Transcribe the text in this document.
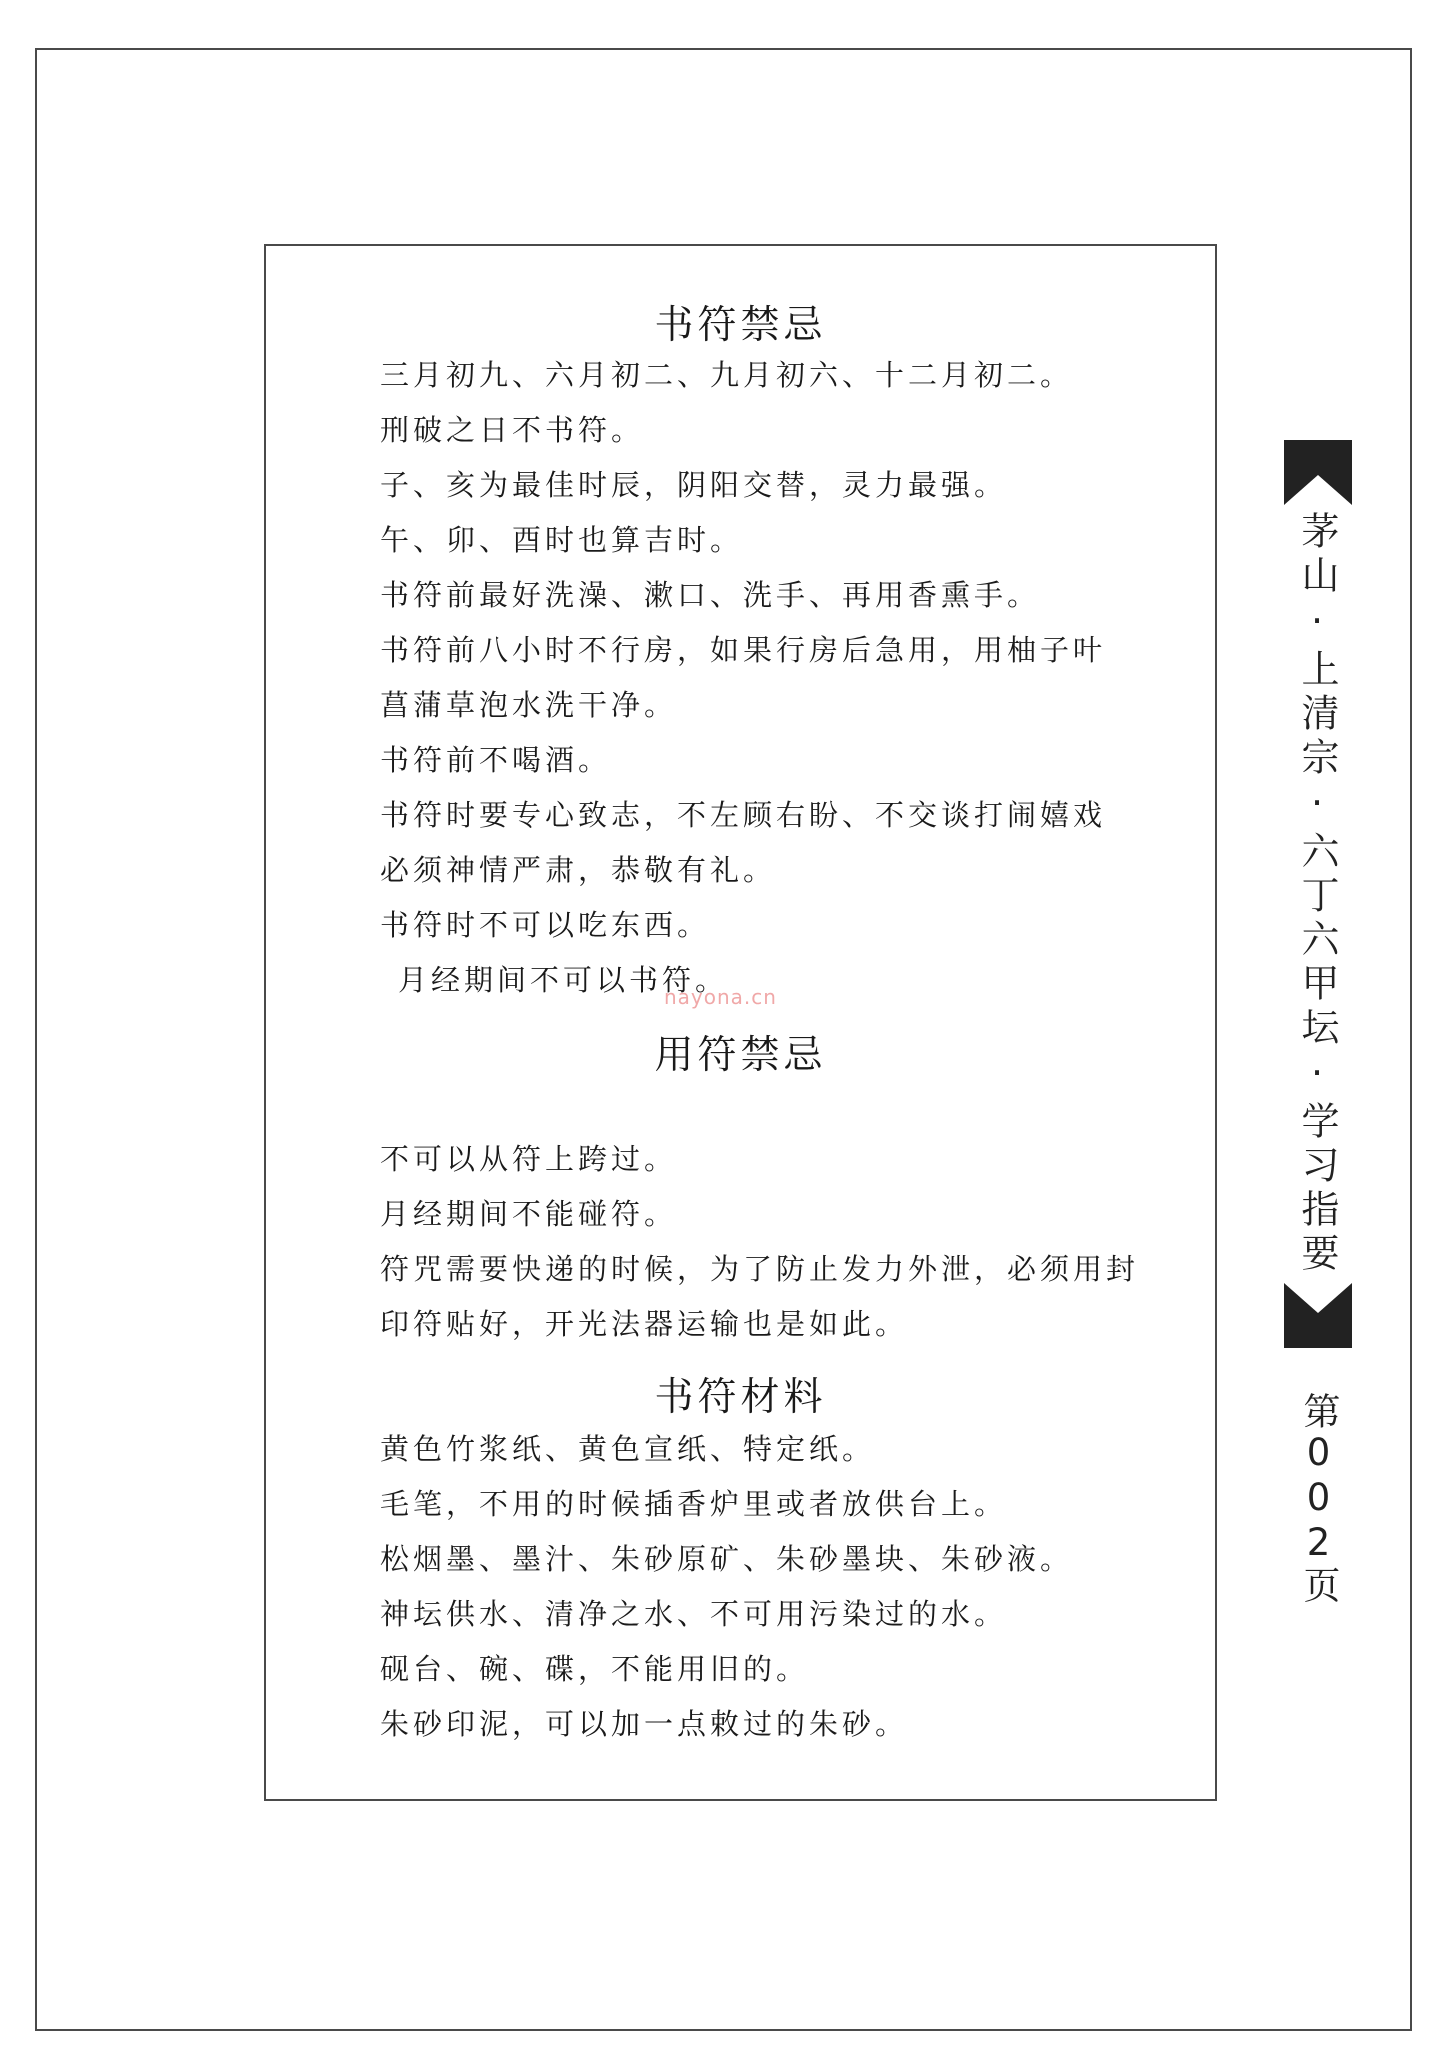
书符禁忌
三月初九、六月初二、九月初六、十二月初二。
刑破之日不书符。
子、亥为最佳时辰，阴阳交替，灵力最强。
午、卯、酉时也算吉时。
书符前最好洗澡、漱口、洗手、再用香熏手。
书符前八小时不行房，如果行房后急用，用柚子叶
菖蒲草泡水洗干净。
书符前不喝酒。
书符时要专心致志，不左顾右盼、不交谈打闹嬉戏
必须神情严肃，恭敬有礼。
书符时不可以吃东西。
月经期间不可以书符。
nayona.cn
用符禁忌
不可以从符上跨过。
月经期间不能碰符。
符咒需要快递的时候，为了防止发力外泄，必须用封
印符贴好，开光法器运输也是如此。
书符材料
黄色竹浆纸、黄色宣纸、特定纸。
毛笔，不用的时候插香炉里或者放供台上。
松烟墨、墨汁、朱砂原矿、朱砂墨块、朱砂液。
神坛供水、清净之水、不可用污染过的水。
砚台、碗、碟，不能用旧的。
朱砂印泥，可以加一点敕过的朱砂。
茅山·上清宗·六丁六甲坛·学习指要
第002页
